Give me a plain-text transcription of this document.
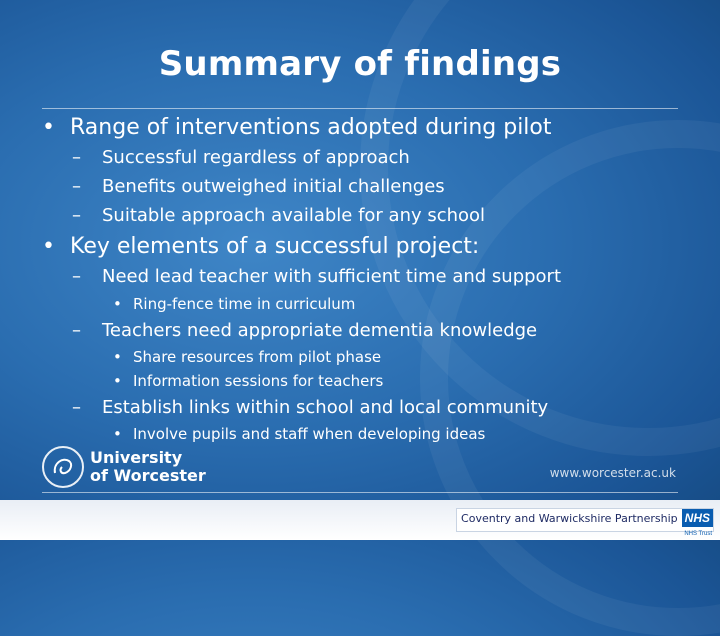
Summary of findings
• Range of interventions adopted during pilot
– Successful regardless of approach
– Benefits outweighed initial challenges
– Suitable approach available for any school
• Key elements of a successful project:
– Need lead teacher with sufficient time and support
• Ring-fence time in curriculum
– Teachers need appropriate dementia knowledge
• Share resources from pilot phase
• Information sessions for teachers
– Establish links within school and local community
• Involve pupils and staff when developing ideas
University
of Worcester	www.worcester.ac.uk
Coventry and Warwickshire Partnership NHS
NHS Trust
